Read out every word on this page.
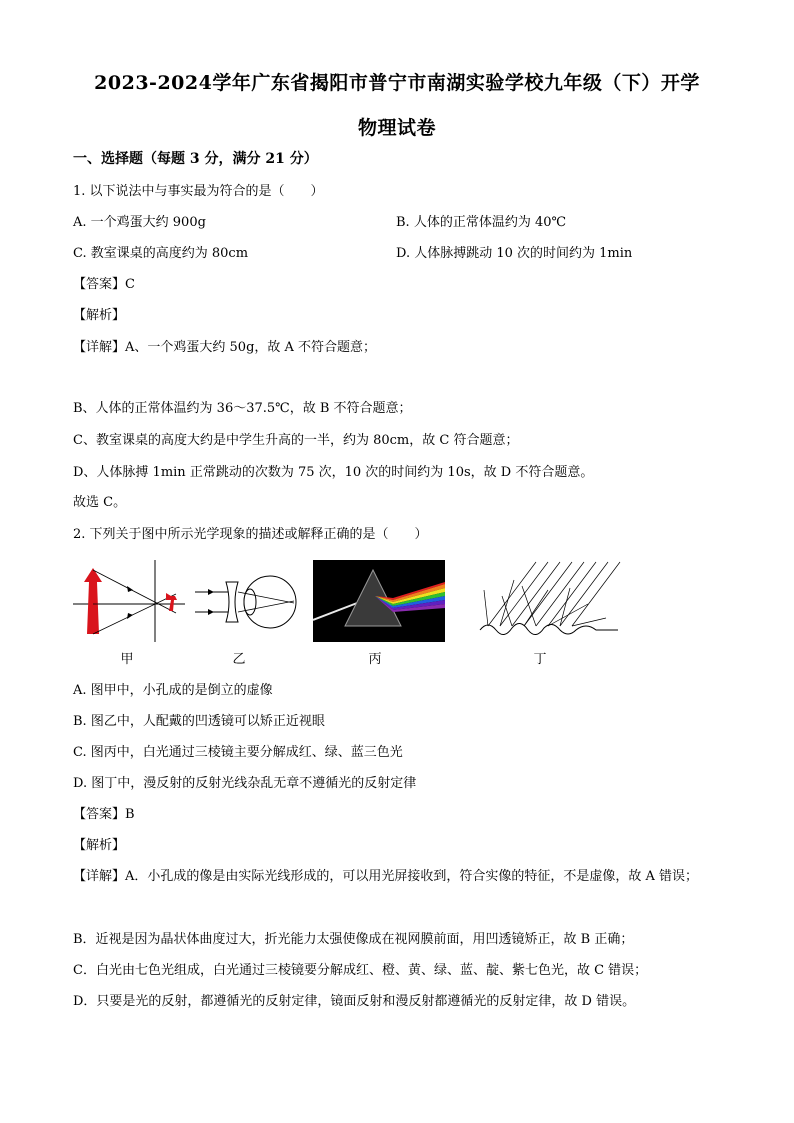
2023-2024学年广东省揭阳市普宁市南湖实验学校九年级（下）开学
物理试卷
一、选择题（每题 3 分，满分 21 分）
1. 以下说法中与事实最为符合的是（　　）
A. 一个鸡蛋大约 900g	B. 人体的正常体温约为 40℃
C. 教室课桌的高度约为 80cm	D. 人体脉搏跳动 10 次的时间约为 1min
【答案】C
【解析】
【详解】A、一个鸡蛋大约 50g，故 A 不符合题意；
B、人体的正常体温约为 36～37.5℃，故 B 不符合题意；
C、教室课桌的高度大约是中学生升高的一半，约为 80cm，故 C 符合题意；
D、人体脉搏 1min 正常跳动的次数为 75 次，10 次的时间约为 10s，故 D 不符合题意。
故选 C。
2. 下列关于图中所示光学现象的描述或解释正确的是（　　）
甲	乙	丙	丁
A. 图甲中，小孔成的是倒立的虚像
B. 图乙中，人配戴的凹透镜可以矫正近视眼
C. 图丙中，白光通过三棱镜主要分解成红、绿、蓝三色光
D. 图丁中，漫反射的反射光线杂乱无章不遵循光的反射定律
【答案】B
【解析】
【详解】A．小孔成的像是由实际光线形成的，可以用光屏接收到，符合实像的特征，不是虚像，故 A 错误；
B．近视是因为晶状体曲度过大，折光能力太强使像成在视网膜前面，用凹透镜矫正，故 B 正确；
C．白光由七色光组成，白光通过三棱镜要分解成红、橙、黄、绿、蓝、靛、紫七色光，故 C 错误；
D．只要是光的反射，都遵循光的反射定律，镜面反射和漫反射都遵循光的反射定律，故 D 错误。
